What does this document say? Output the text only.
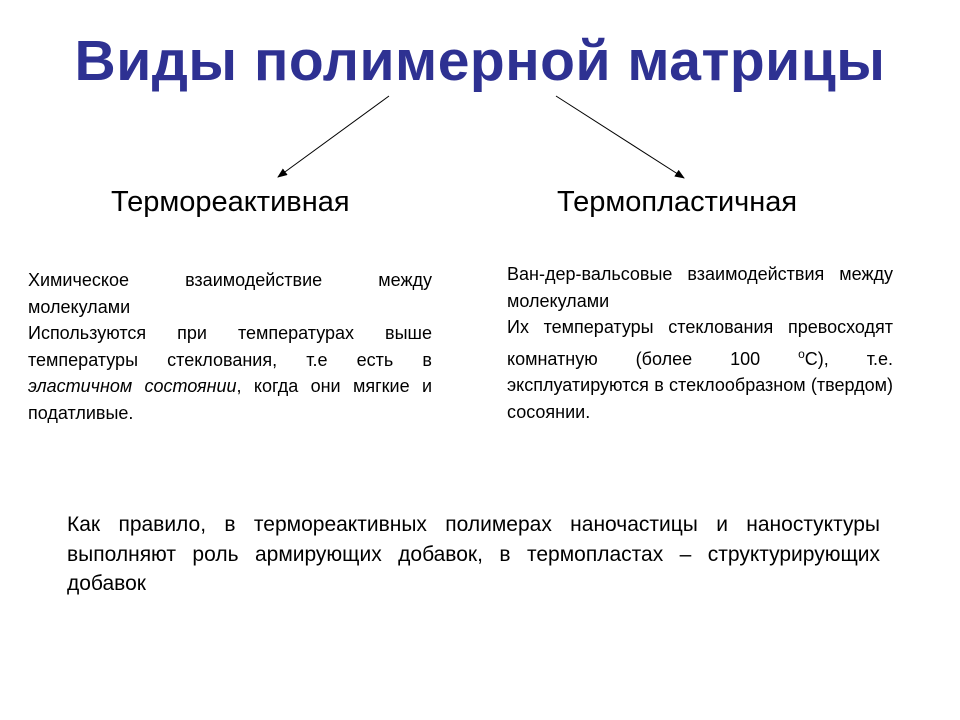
Виды полимерной матрицы
Термореактивная	Термопластичная

Химическое взаимодействие между молекулами

Используются при температурах выше температуры стеклования, т.е есть в эластичном состоянии, когда они мягкие и податливые.

Ван-дер-вальсовые взаимодействия между молекулами

Их температуры стеклования превосходят комнатную (более 100 $^о$С), т.е. эксплуатируются в стеклообразном (твердом) сосоянии.

Как правило, в термореактивных полимерах наночастицы и наностуктуры выполняют роль армирующих добавок, в термопластах – структурирующих добавок
